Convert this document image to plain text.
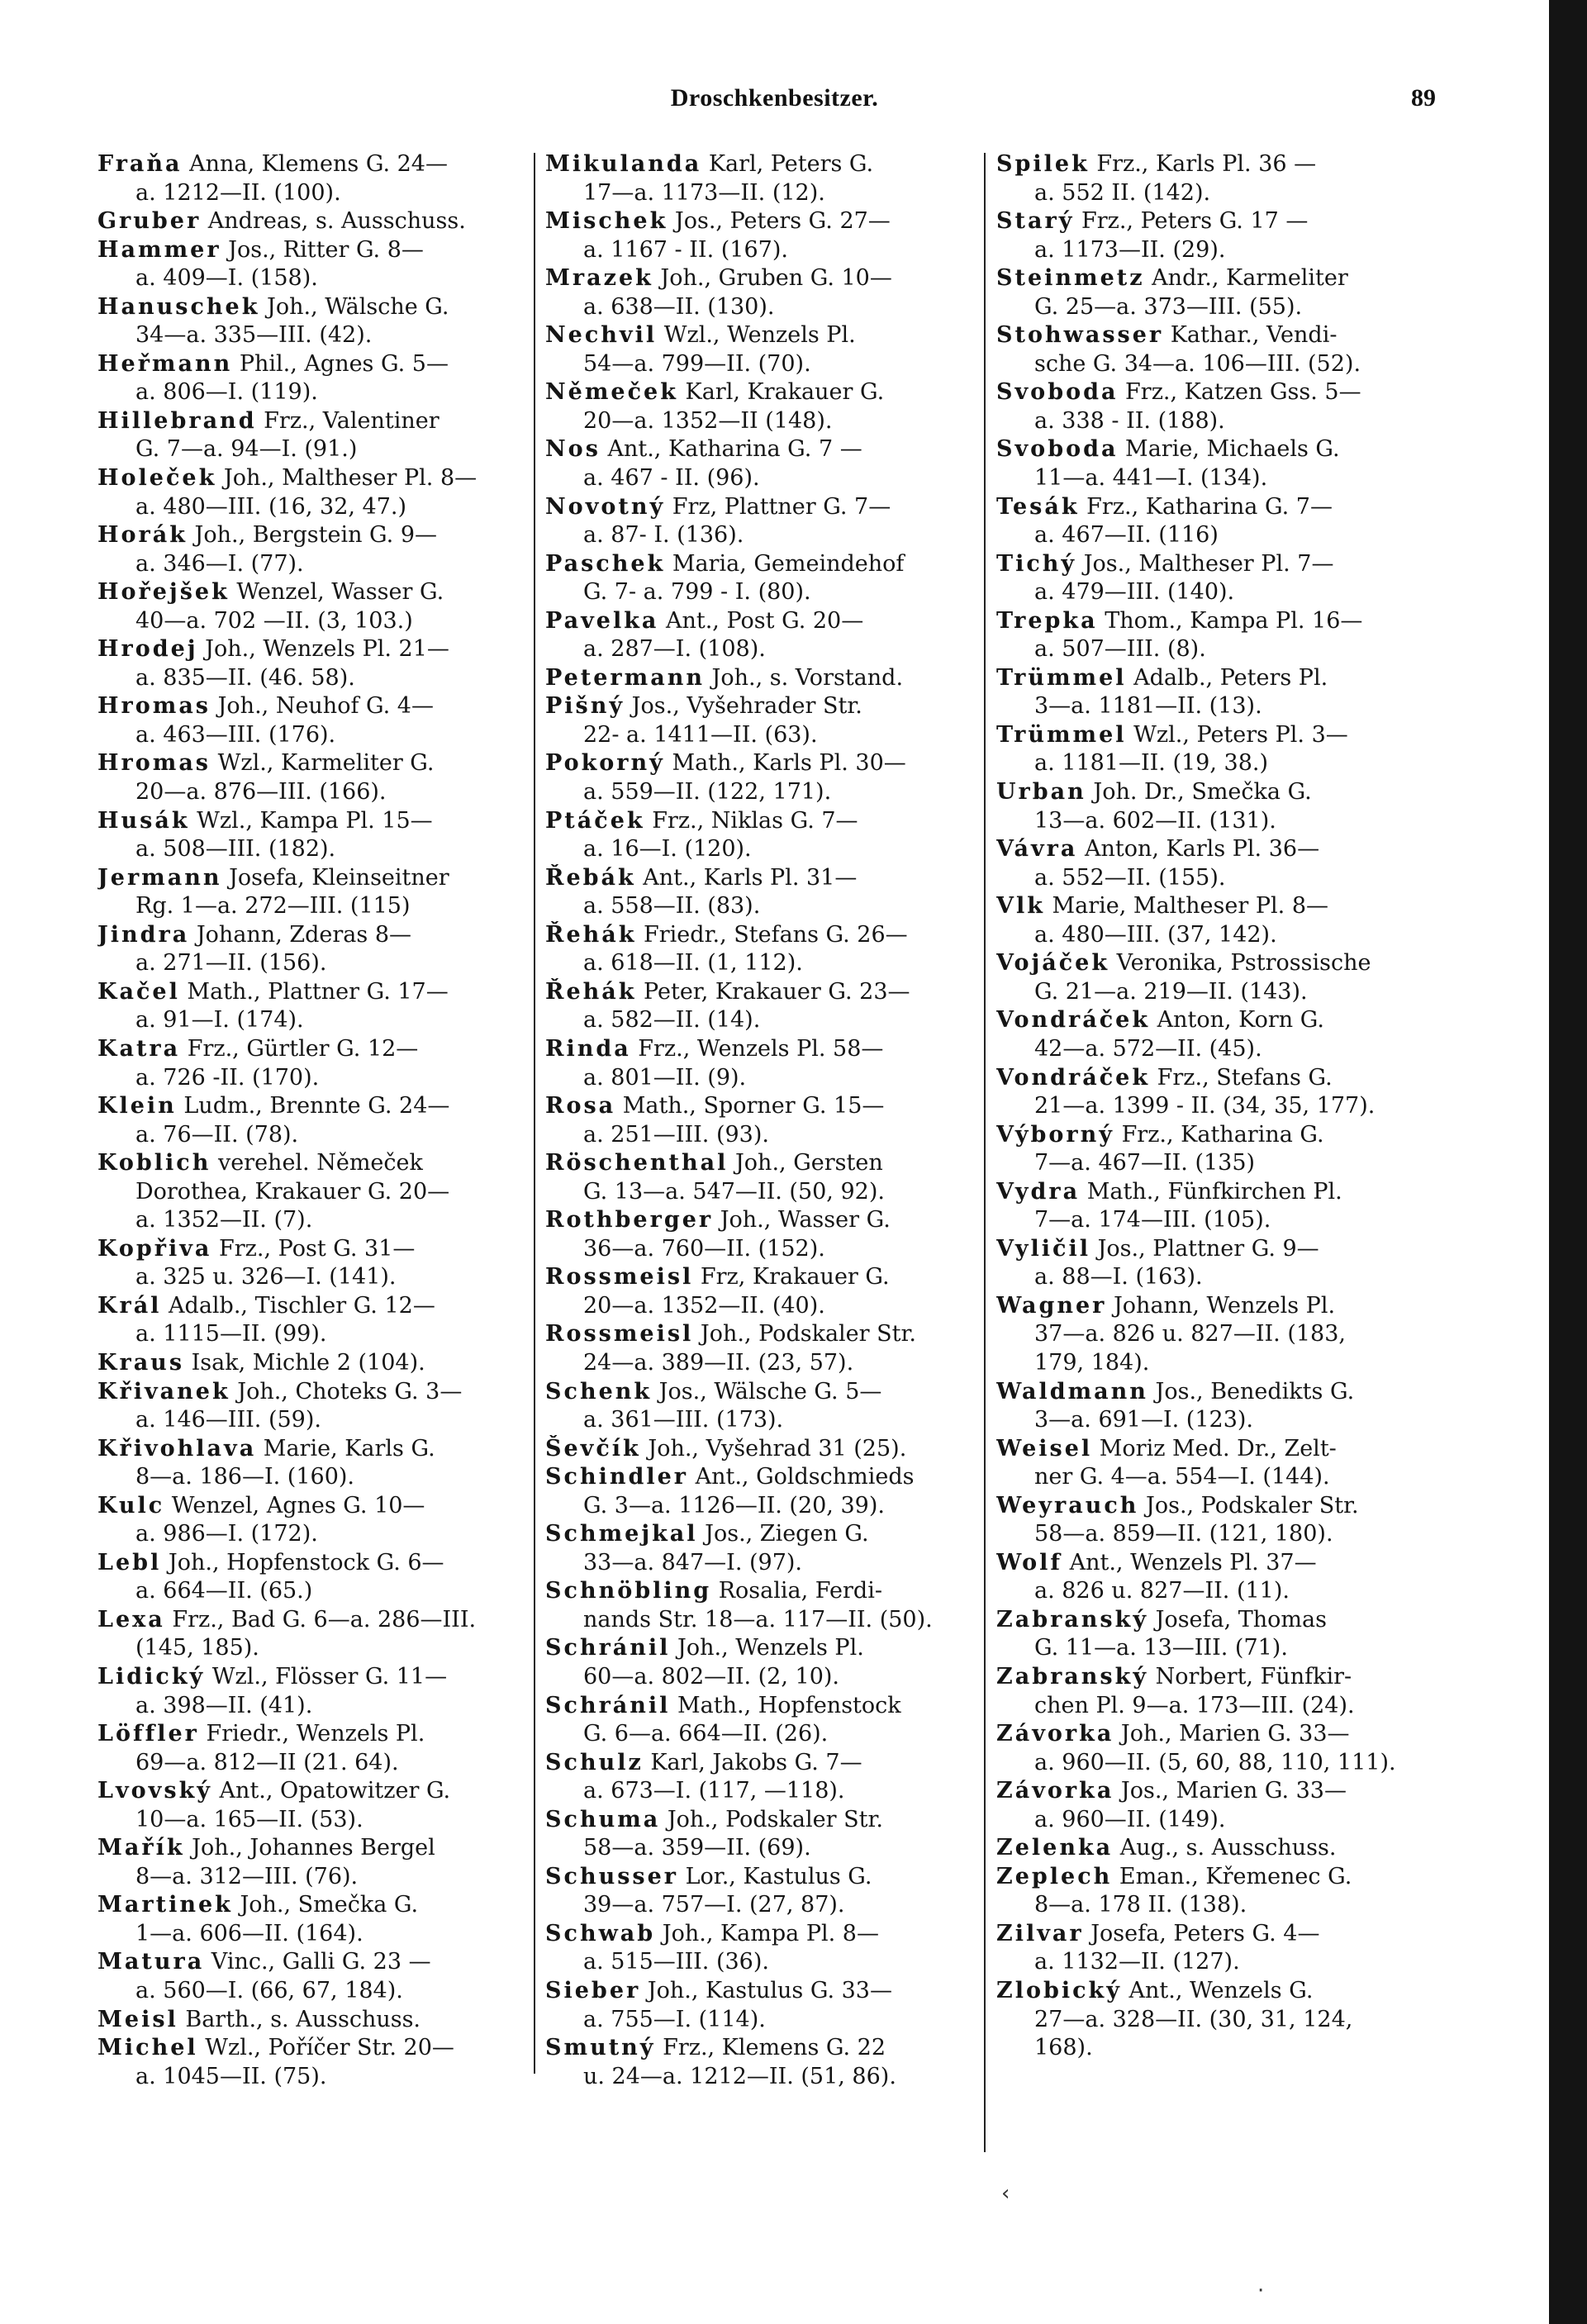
Droschkenbesitzer.	89
Fraňa Anna, Klemens G. 24—
a. 1212—II. (100).
Gruber Andreas, s. Ausschuss.
Hammer Jos., Ritter G. 8—
a. 409—I. (158).
Hanuschek Joh., Wälsche G.
34—a. 335—III. (42).
Heřmann Phil., Agnes G. 5—
a. 806—I. (119).
Hillebrand Frz., Valentiner
G. 7—a. 94—I. (91.)
Holeček Joh., Maltheser Pl. 8—
a. 480—III. (16, 32, 47.)
Horák Joh., Bergstein G. 9—
a. 346—I. (77).
Hořejšek Wenzel, Wasser G.
40—a. 702 —II. (3, 103.)
Hrodej Joh., Wenzels Pl. 21—
a. 835—II. (46. 58).
Hromas Joh., Neuhof G. 4—
a. 463—III. (176).
Hromas Wzl., Karmeliter G.
20—a. 876—III. (166).
Husák Wzl., Kampa Pl. 15—
a. 508—III. (182).
Jermann Josefa, Kleinseitner
Rg. 1—a. 272—III. (115)
Jindra Johann, Zderas 8—
a. 271—II. (156).
Kačel Math., Plattner G. 17—
a. 91—I. (174).
Katra Frz., Gürtler G. 12—
a. 726 -II. (170).
Klein Ludm., Brennte G. 24—
a. 76—II. (78).
Koblich verehel. Němeček
Dorothea, Krakauer G. 20—
a. 1352—II. (7).
Kopřiva Frz., Post G. 31—
a. 325 u. 326—I. (141).
Král Adalb., Tischler G. 12—
a. 1115—II. (99).
Kraus Isak, Michle 2 (104).
Křivanek Joh., Choteks G. 3—
a. 146—III. (59).
Křivohlava Marie, Karls G.
8—a. 186—I. (160).
Kulc Wenzel, Agnes G. 10—
a. 986—I. (172).
Lebl Joh., Hopfenstock G. 6—
a. 664—II. (65.)
Lexa Frz., Bad G. 6—a. 286—III.
(145, 185).
Lidický Wzl., Flösser G. 11—
a. 398—II. (41).
Löffler Friedr., Wenzels Pl.
69—a. 812—II (21. 64).
Lvovský Ant., Opatowitzer G.
10—a. 165—II. (53).
Mařík Joh., Johannes Bergel
8—a. 312—III. (76).
Martinek Joh., Smečka G.
1—a. 606—II. (164).
Matura Vinc., Galli G. 23 —
a. 560—I. (66, 67, 184).
Meisl Barth., s. Ausschuss.
Michel Wzl., Poříčer Str. 20—
a. 1045—II. (75).
Mikulanda Karl, Peters G.
17—a. 1173—II. (12).
Mischek Jos., Peters G. 27—
a. 1167 - II. (167).
Mrazek Joh., Gruben G. 10—
a. 638—II. (130).
Nechvil Wzl., Wenzels Pl.
54—a. 799—II. (70).
Němeček Karl, Krakauer G.
20—a. 1352—II (148).
Nos Ant., Katharina G. 7 —
a. 467 - II. (96).
Novotný Frz, Plattner G. 7—
a. 87- I. (136).
Paschek Maria, Gemeindehof
G. 7- a. 799 - I. (80).
Pavelka Ant., Post G. 20—
a. 287—I. (108).
Petermann Joh., s. Vorstand.
Pišný Jos., Vyšehrader Str.
22- a. 1411—II. (63).
Pokorný Math., Karls Pl. 30—
a. 559—II. (122, 171).
Ptáček Frz., Niklas G. 7—
a. 16—I. (120).
Řebák Ant., Karls Pl. 31—
a. 558—II. (83).
Řehák Friedr., Stefans G. 26—
a. 618—II. (1, 112).
Řehák Peter, Krakauer G. 23—
a. 582—II. (14).
Rinda Frz., Wenzels Pl. 58—
a. 801—II. (9).
Rosa Math., Sporner G. 15—
a. 251—III. (93).
Röschenthal Joh., Gersten
G. 13—a. 547—II. (50, 92).
Rothberger Joh., Wasser G.
36—a. 760—II. (152).
Rossmeisl Frz, Krakauer G.
20—a. 1352—II. (40).
Rossmeisl Joh., Podskaler Str.
24—a. 389—II. (23, 57).
Schenk Jos., Wälsche G. 5—
a. 361—III. (173).
Ševčík Joh., Vyšehrad 31 (25).
Schindler Ant., Goldschmieds
G. 3—a. 1126—II. (20, 39).
Schmejkal Jos., Ziegen G.
33—a. 847—I. (97).
Schnöbling Rosalia, Ferdi-
nands Str. 18—a. 117—II. (50).
Schránil Joh., Wenzels Pl.
60—a. 802—II. (2, 10).
Schránil Math., Hopfenstock
G. 6—a. 664—II. (26).
Schulz Karl, Jakobs G. 7—
a. 673—I. (117, —118).
Schuma Joh., Podskaler Str.
58—a. 359—II. (69).
Schusser Lor., Kastulus G.
39—a. 757—I. (27, 87).
Schwab Joh., Kampa Pl. 8—
a. 515—III. (36).
Sieber Joh., Kastulus G. 33—
a. 755—I. (114).
Smutný Frz., Klemens G. 22
u. 24—a. 1212—II. (51, 86).
Spilek Frz., Karls Pl. 36 —
a. 552 II. (142).
Starý Frz., Peters G. 17 —
a. 1173—II. (29).
Steinmetz Andr., Karmeliter
G. 25—a. 373—III. (55).
Stohwasser Kathar., Vendi-
sche G. 34—a. 106—III. (52).
Svoboda Frz., Katzen Gss. 5—
a. 338 - II. (188).
Svoboda Marie, Michaels G.
11—a. 441—I. (134).
Tesák Frz., Katharina G. 7—
a. 467—II. (116)
Tichý Jos., Maltheser Pl. 7—
a. 479—III. (140).
Trepka Thom., Kampa Pl. 16—
a. 507—III. (8).
Trümmel Adalb., Peters Pl.
3—a. 1181—II. (13).
Trümmel Wzl., Peters Pl. 3—
a. 1181—II. (19, 38.)
Urban Joh. Dr., Smečka G.
13—a. 602—II. (131).
Vávra Anton, Karls Pl. 36—
a. 552—II. (155).
Vlk Marie, Maltheser Pl. 8—
a. 480—III. (37, 142).
Vojáček Veronika, Pstrossische
G. 21—a. 219—II. (143).
Vondráček Anton, Korn G.
42—a. 572—II. (45).
Vondráček Frz., Stefans G.
21—a. 1399 - II. (34, 35, 177).
Výborný Frz., Katharina G.
7—a. 467—II. (135)
Vydra Math., Fünfkirchen Pl.
7—a. 174—III. (105).
Vyličil Jos., Plattner G. 9—
a. 88—I. (163).
Wagner Johann, Wenzels Pl.
37—a. 826 u. 827—II. (183,
179, 184).
Waldmann Jos., Benedikts G.
3—a. 691—I. (123).
Weisel Moriz Med. Dr., Zelt-
ner G. 4—a. 554—I. (144).
Weyrauch Jos., Podskaler Str.
58—a. 859—II. (121, 180).
Wolf Ant., Wenzels Pl. 37—
a. 826 u. 827—II. (11).
Zabranský Josefa, Thomas
G. 11—a. 13—III. (71).
Zabranský Norbert, Fünfkir-
chen Pl. 9—a. 173—III. (24).
Závorka Joh., Marien G. 33—
a. 960—II. (5, 60, 88, 110, 111).
Závorka Jos., Marien G. 33—
a. 960—II. (149).
Zelenka Aug., s. Ausschuss.
Zeplech Eman., Křemenec G.
8—a. 178 II. (138).
Zilvar Josefa, Peters G. 4—
a. 1132—II. (127).
Zlobický Ant., Wenzels G.
27—a. 328—II. (30, 31, 124,
168).
‹
·
